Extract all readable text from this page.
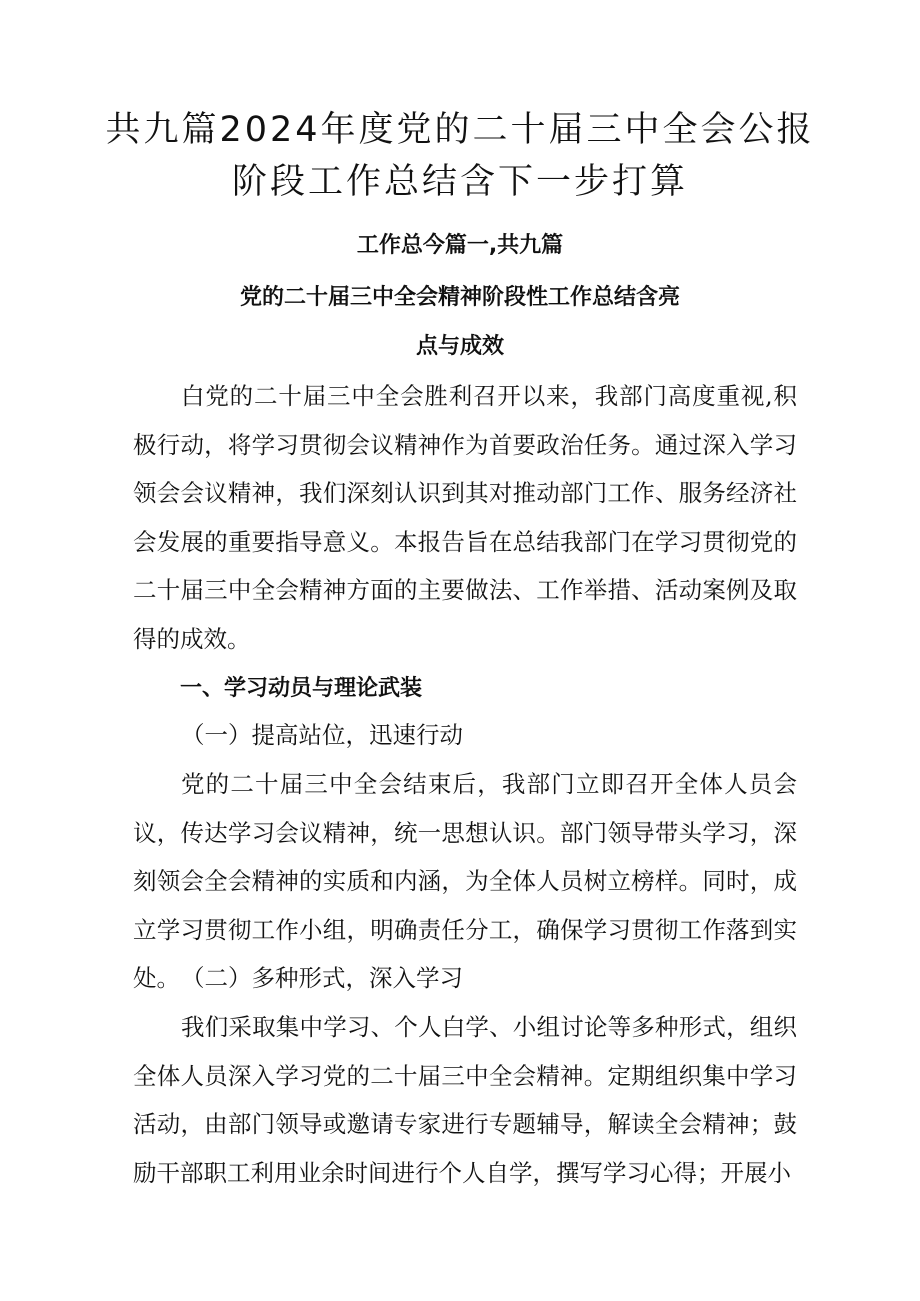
共九篇2024年度党的二十届三中全会公报
阶段工作总结含下一步打算
工作总今篇一,共九篇
党的二十届三中全会精神阶段性工作总结含亮
点与成效

白党的二十届三中全会胜利召开以来，我部门高度重视,积极行动，将学习贯彻会议精神作为首要政治任务。通过深入学习领会会议精神，我们深刻认识到其对推动部门工作、服务经济社会发展的重要指导意义。本报告旨在总结我部门在学习贯彻党的二十届三中全会精神方面的主要做法、工作举措、活动案例及取得的成效。

一、学习动员与理论武装
（一）提高站位，迅速行动

党的二十届三中全会结束后，我部门立即召开全体人员会议，传达学习会议精神，统一思想认识。部门领导带头学习，深刻领会全会精神的实质和内涵，为全体人员树立榜样。同时，成立学习贯彻工作小组，明确责任分工，确保学习贯彻工作落到实处。 （二）多种形式，深入学习

我们采取集中学习、个人白学、小组讨论等多种形式，组织全体人员深入学习党的二十届三中全会精神。定期组织集中学习活动，由部门领导或邀请专家进行专题辅导，解读全会精神；鼓励干部职工利用业余时间进行个人自学，撰写学习心得；开展小
